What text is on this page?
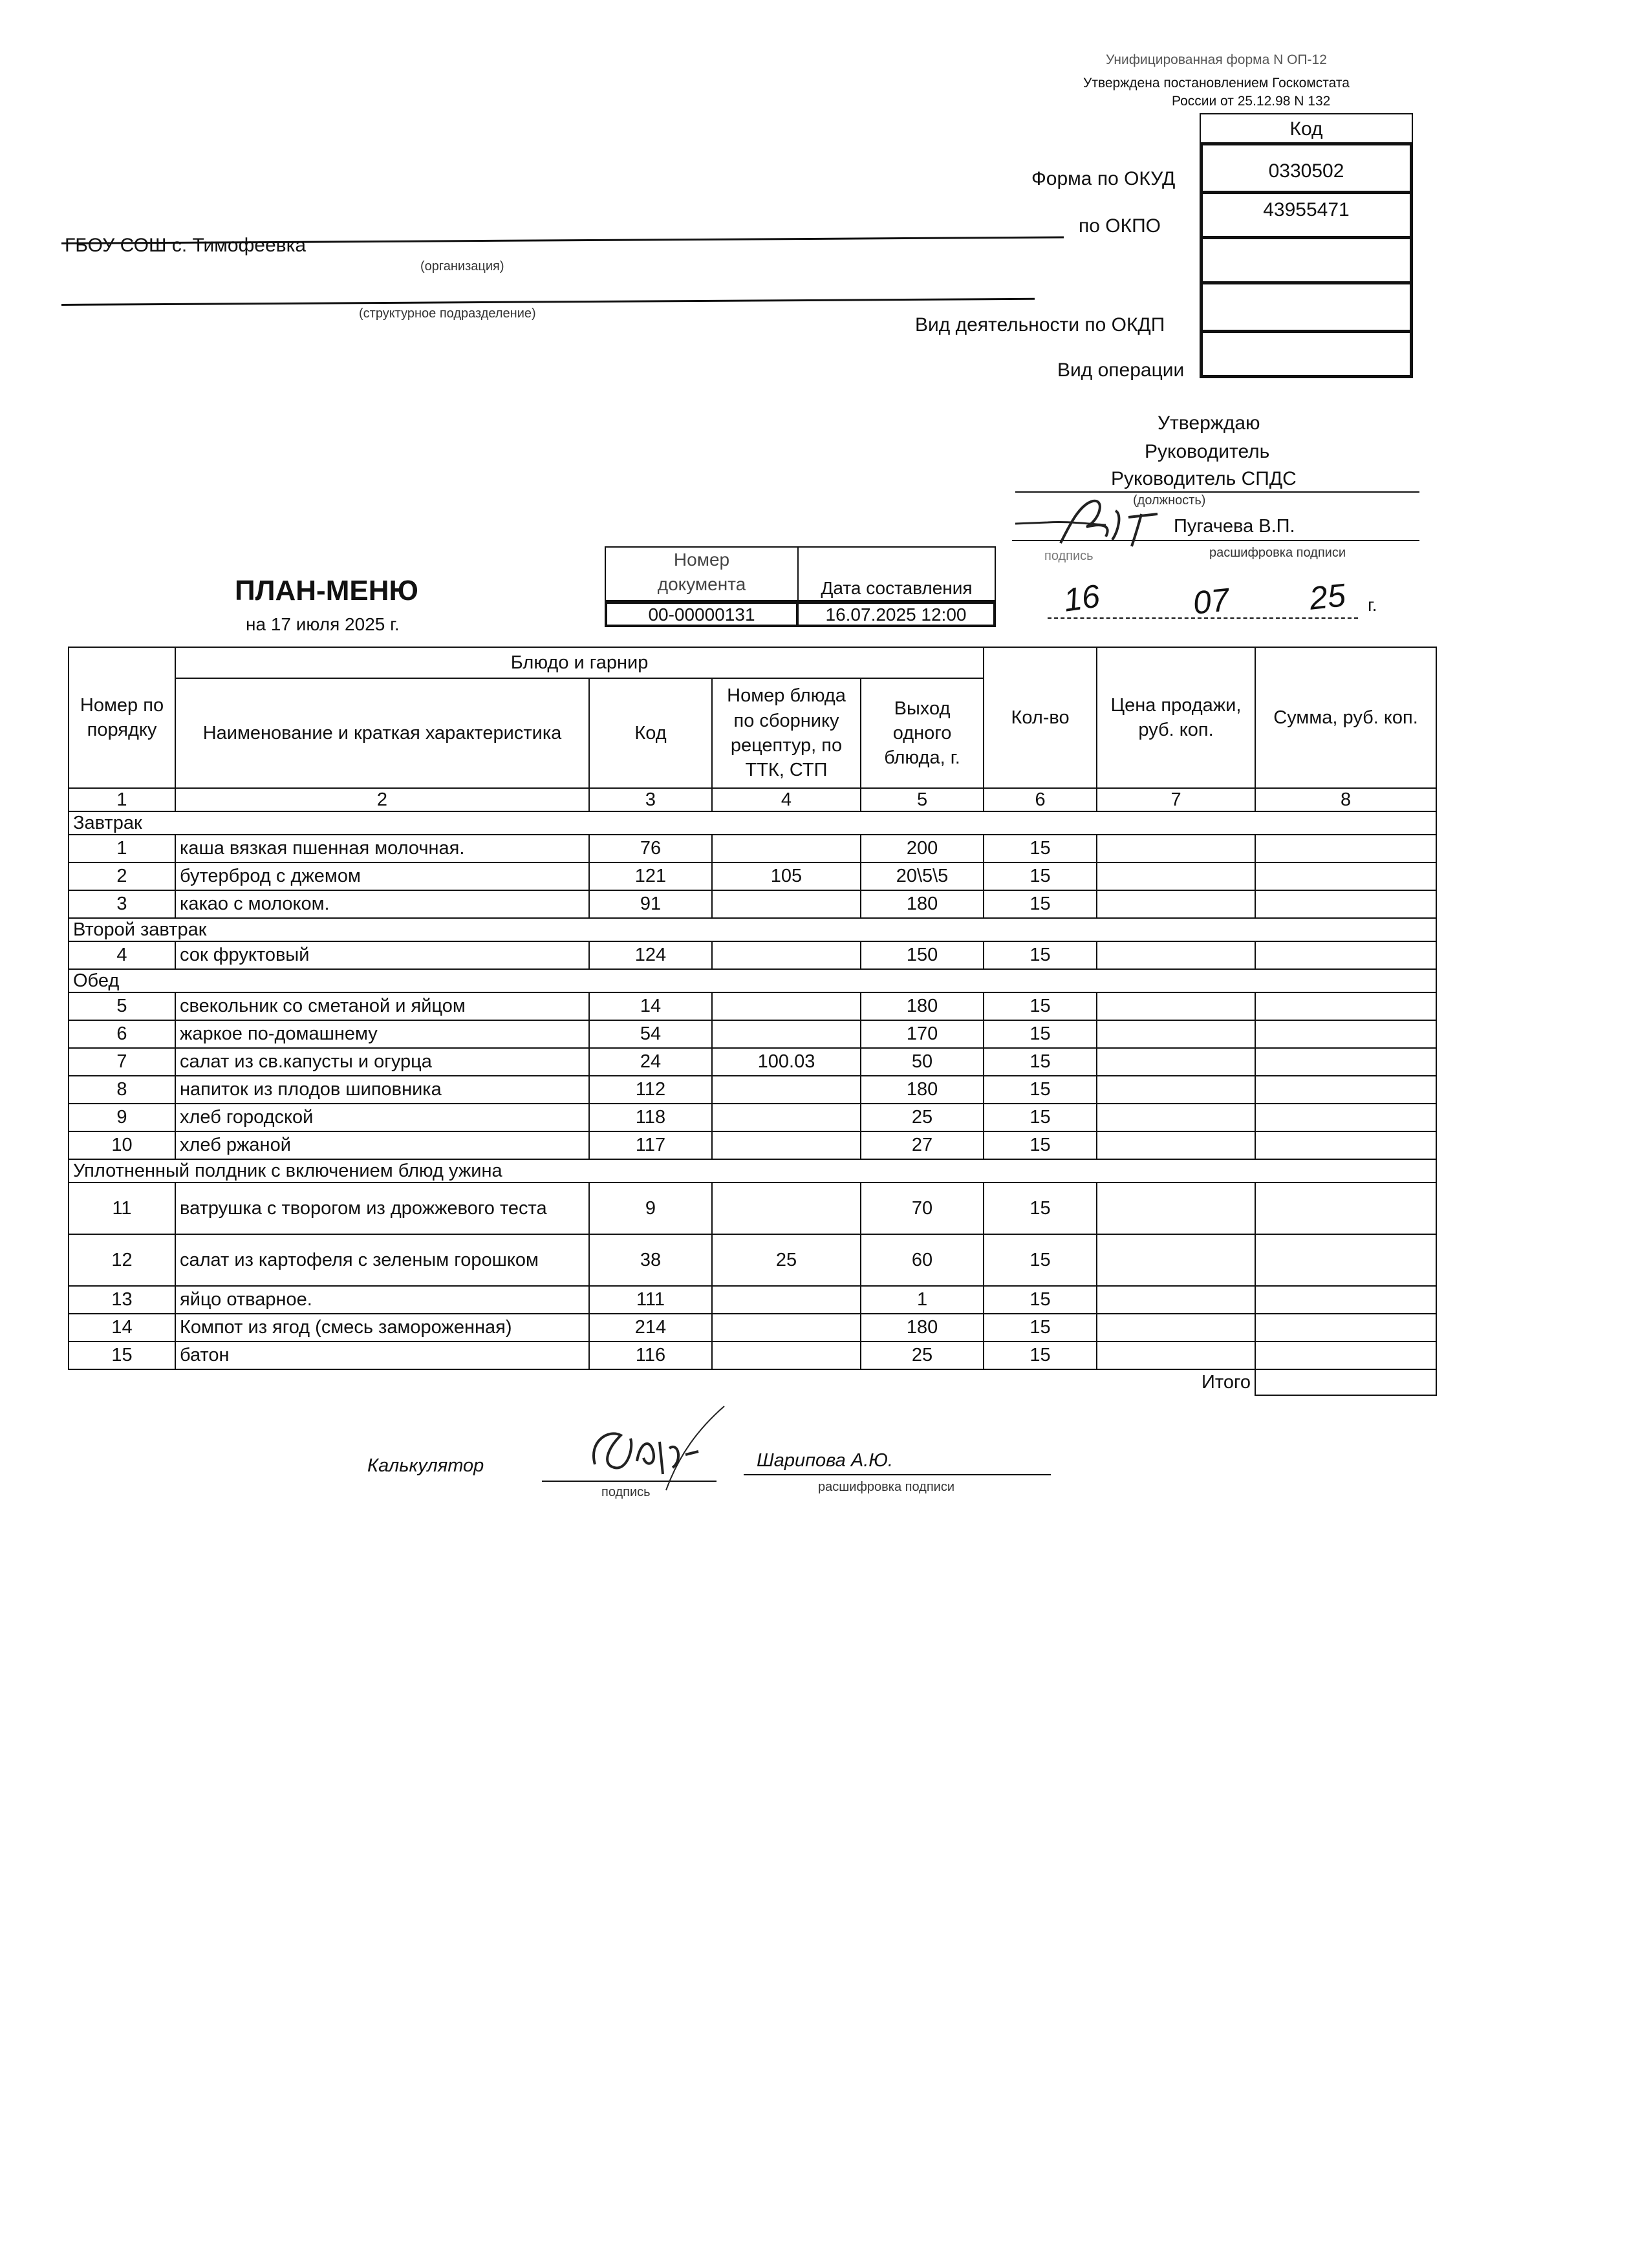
Унифицированная форма N ОП-12
Утверждена постановлением Госкомстата
России от 25.12.98 N 132
Код
0330502
43955471
Форма по ОКУД
по ОКПО
Вид деятельности по ОКДП
Вид операции
ГБОУ СОШ с. Тимофеевка
(организация)
(структурное подразделение)
Утверждаю
Руководитель
Руководитель СПДС
(должность)
Пугачева В.П.
подпись	расшифровка подписи
16	07 25 г.
ПЛАН-МЕНЮ
на 17 июля 2025 г.
Номер документа	Дата составления
00-00000131	16.07.2025 12:00
Номер по порядку	Блюдо и гарнир				Кол-во	Цена продажи, руб. коп.	Сумма, руб. коп.
	Наименование и краткая характеристика	Код	Номер блюда по сборнику рецептур, по ТТК, СТП	Выход одного блюда, г.			
1	2	3	4	5	6	7	8
Завтрак							
1	каша вязкая пшенная молочная.	76		200	15		
2	бутерброд с джемом	121	105	20\5\5	15		
3	какао с молоком.	91		180	15		
Второй завтрак							
4	сок фруктовый	124		150	15		
Обед							
5	свекольник со сметаной и яйцом	14		180	15		
6	жаркое по-домашнему	54		170	15		
7	салат из св.капусты и огурца	24	100.03	50	15		
8	напиток из плодов шиповника	112		180	15		
9	хлеб городской	118		25	15		
10	хлеб ржаной	117		27	15		
Уплотненный полдник с включением блюд ужина							
11	ватрушка с творогом из дрожжевого теста	9		70	15		
12	салат из картофеля с зеленым горошком	38	25	60	15		
13	яйцо отварное.	111		1	15		
14	Компот из ягод (смесь замороженная)	214		180	15		
15	батон	116		25	15		
Итого							
Калькулятор
подпись
Шарипова А.Ю.
расшифровка подписи
